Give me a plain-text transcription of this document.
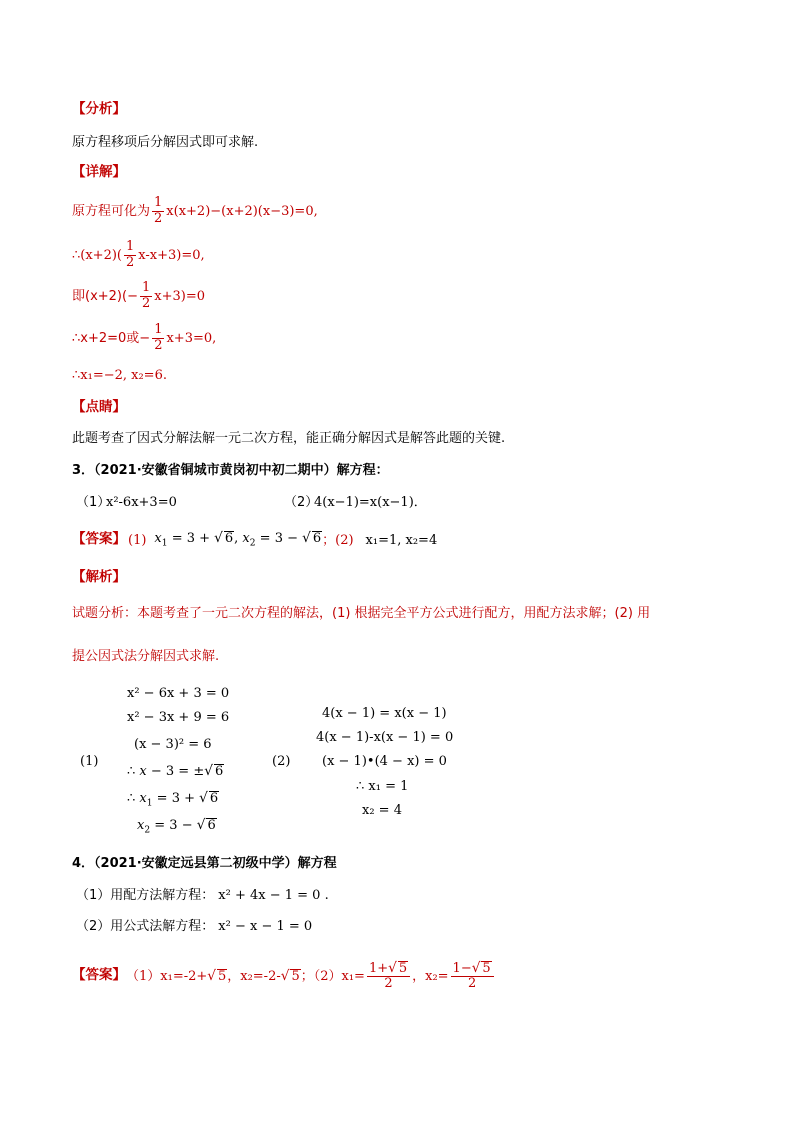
【分析】
原方程移项后分解因式即可求解.
【详解】
原方程可化为 $\frac{1}{2} x(x+2)-(x+2)(x-3)=0$,
∴(x+2)( $\frac{1}{2} x-x+3)=0$,
即$(x+2)(- \frac{1}{2} x+3)=0$
∴x+2=0或− $\frac{1}{2} x+3=0$,
∴x₁=−2, x₂=6.
【点睛】
此题考查了因式分解法解一元二次方程，能正确分解因式是解答此题的关键.
3．（2021·安徽省铜城市黄岗初中初二期中）解方程：
（1）
x²-6x+3=0	（2）
4(x−1)=x(x−1)．
【答案】 (1) $x_1 = 3$ + √ 6, $x_2 = 3$ − √ 6 ；(2) x₁=1, x₂=4
【解析】
试题分析：本题考查了一元二次方程的解法，(1) 根据完全平方公式进行配方，用配方法求解；(2) 用
提公因式法分解因式求解.
(1)
x² − 6x + 3 = 0
x² − 3x + 9 = 6
(x − 3)² = 6
∴ x − 3 = ±√ 6
∴ $x_1 = 3$ + √ 6
$x_2 = 3$ − √ 6
(2)
4(x − 1) = x(x − 1)
4(x − 1)-x(x − 1) = 0
(x − 1)•(4 − x) = 0
∴ x₁ = 1
x₂ = 4
4．（2021·安徽定远县第二初级中学）解方程
（1）用配方法解方程： x² + 4x − 1 = 0 .
（2）用公式法解方程： x² − x − 1 = 0
【答案】 （1）x₁=-2+ √ 5 ，x₂=-2- √ 5 ；$(2)x_1= \frac{1+√ 5}{2}$ ，$x_2= \frac{1-√ 5}{2}$
